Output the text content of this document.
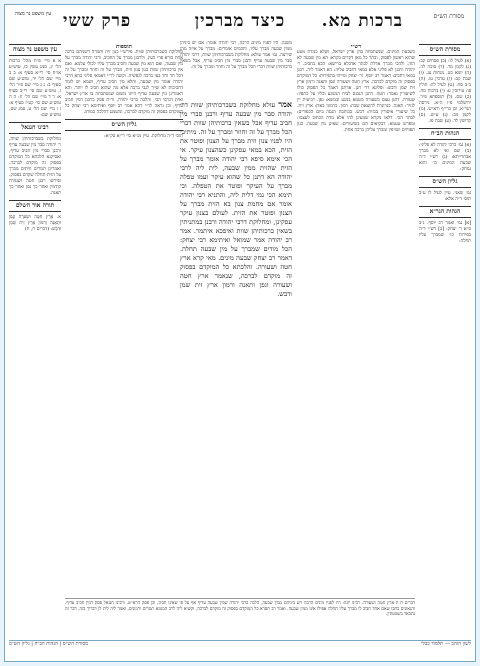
מסורת הש״ס
ברכות מא.
כיצד מברכין
פרק ששי
עין משפט נר מצוה
מסורת הש״ס
(א) לעיל לו: (ב) פסחים קב: (ג) לקמן מד. (ד) סוכה לה. (ה) יומא כט. מנחות צג. (ו) שבת קב: (ז) ערכין טו. (ח) ב״ב סח. (ט) לעיל לה: חולין פו: עירובין ע: (י) ברכות מח. (כ) שם. (ל) תוספתא פ״ד. ירושלמי פ״ו ה״א. גירסת הגר״א, וכן ברי״ף ורא״ש. (מ) לקמן מב: (נ) ע״ש. (ס) קדושין לד. (ע) שבת פו.
הגהות הב״ח
(א) גמ׳ כרבי יהודה לא פליגי: (ב) שם ואי לא מברך אבתרייתא: (ג) רש״י ד״ה שבעת המינים כו׳ והוא נמחק:
גליון הש״ס
גמ׳ שאני. עיין לעיל לו ע״ב תוס׳ ד״ה אלא:
הגהות הגר״א
[א] גמ׳ ואמר רב יוסף. נ״ב ס״א ר׳ יצחק: [ב] רש״י ד״ה בפירות כו׳ שמברך עליו תחלה:
רש״י
בשבעת המינים. שנשתבחה בהן ארץ ישראל, ושלא כמדת מטע שהוא ראשון לפסוק, ובתר כל מאן דקדים בקרא: הא מין שבעה לא הוה. ולהכי מברך אדלת לבתר אדבלא ברישא: הכא בחביב. ר׳ יהודה ורבנן לא פליגי אלא במאי דחביב עליה: הא דאמר ליה. רבנן במאי דחביב: דאמר רב יוסף. ור׳ יצחק ומייתי בהפירות: כל המוקדם בפסוק זה מוקדם לברכה. ארץ חטה ושעורה וגפן ותאנה ורמון ארץ זית שמן ודבש: ופליגא דר׳ חנן. אדתנן דאמר כל הפסוק כולו לשיעורין נאמר: חטה. דתנן הנכנס לבית המנוגע וכליו על כתפיו: שעורה. דתנן עצם כשעורה מטמא במגע ובמשא: גפן. רביעית יין לנזיר: תאנה. כגרוגרת להוצאת שבת: רמון. כרמוני באדן: ארץ זית. כל שיעורי איסורין בכזית: דבש. ככותבת הגסה ביום הכפורים: לבתר הכי. דלאו מקרא שמעינן להו אלא מדת הכתוב לעצמו: ומפרש טעמא. דבקיאים הם בשיעורים: שאינן מין שבעה. כגון תפוחים ושזיפין ומברך עליהן ברכה אחת.
משנה. היו לפניו מינים הרבה, רבי יהודה אומר: אם יש ביניהן ממין שבעה מברך עליו, וחכמים אומרים: מברך על איזה מהן שירצה. גמ׳ אמר עולא: מחלוקת בשברכותיהן שוות, דרבי יהודה סבר מין שבעה עדיף ורבנן סברי מין חביב עדיף, אבל בשאין ברכותיהן שוות דברי הכל מברך על זה וחוזר ומברך על זה.
אמר עולא מחלוקת בשברכותיהן שוות דר׳ יהודה סבר מין שבעה עדיף ורבנן סברי מין חביב עדיף אבל בשאין ברכותיהן שוות דברי הכל מברך על זה וחוזר ומברך על זה. מיתיבי היו לפניו צנון וזית מברך על הצנון ופוטר את הזית, הכא במאי עסקינן כשהצנון עיקר. אי הכי אימא סיפא רבי יהודה אומר מברך על הזית שהזית ממין שבעה, לית ליה לרבי יהודה הא דתנן כל שהוא עיקר ועמו טפלה מברך על העיקר ופוטר את הטפלה. וכי תימא הכי נמי דלית ליה, והתניא רבי יהודה אומר אם מחמת צנון בא הזית מברך על הצנון ופוטר את הזית. לעולם בצנון עיקר עסקינן, ומחלוקת דרבי יהודה ורבנן במתניתין בשאין ברכותיהן שוות ואיפכא איתמר. אמר רב יהודה אמר שמואל ואיתימא רבי יצחק: הכל מודים שמברך על מין שבעה תחלה. דאמר רב יצחק שבעה מינים. מאי קרא ארץ חטה ושעורה. והלכתא כל המוקדם בפסוק זה מוקדם לברכה, שנאמר ארץ חטה ושעורה וגפן ותאנה ורמון ארץ זית שמן ודבש.
תוספות
מחלוקת בשברכותיהן שוות. פירש״י כגון זית ותמרה דשניהם ברכה אחת בורא פרי העץ, ולרבנן מברך על החביב, ורבי יהודה מברך על מין שבעה, ואם הוא מין שבעה וחביב מברך עליו לכולי עלמא. ואם אין ברכותיהן שוות כגון צנון וזית, מברך על זה וחוזר ומברך על זה דכל חד וחד בעי ברכה לנפשיה. וקשה לר״י דאמאי פליגי בהא דרבי יהודה אומר מין שבעה, והלא מין חביב עדיף, ושמא יש לומר דחביבות לא שייך לגבי ברכה אלא מה שהוא חביב לו יותר. והא דאמרינן מין שבעה עדיף היינו משום שנשתבחה בו ארץ ישראל. ואית דגרסי הכי, והלכה כרבי יהודה, ור״ת פסק כרבנן דמין חביב עדיף, וכן נראה לר״י דהא אמר רב יוסף ואיתימא רבי יצחק כל המוקדם בפסוק זה מוקדם לברכה, ומשמע דהלכה כמותו.
גליון הש״ס
תוס׳ ד״ה מחלוקת. עיין מג״א סי׳ רי״א סק״א:
עין משפט נר מצוה
א א מיי׳ פ״ח מהל׳ ברכות הל׳ יג, סמג עשין כז, טוש״ע או״ח סי׳ רי״א סעיף א: ב ב מיי׳ שם הל׳ יד, טוש״ע שם סעיף ב: ג ג מיי׳ שם פ״ד הל׳ ז, טוש״ע שם סי׳ רי״ב סעיף א: ד ד מיי׳ שם הל׳ ח: ה ה טוש״ע שם סי׳ קע״ז סעיף א: ו ו מיי׳ שם הל׳ ט, סמג שם, טוש״ע שם:
רבינו חננאל
מחלוקת בשברכותיהן שוות, ר׳ יהודה סבר מין שבעה עדיף ורבנן סברי מין חביב עדיף, ואסיקנא הלכתא כל המוקדם בפסוק זה מוקדם לברכה. ואמרינן תמרים וזיתים מברך על הזית תחלה שקדם בפסוק. ופירשו רבנן חטה ושעורה קודמין ואחר כך גפן ואחר כך תאנה.
תורה אור השלם
א. אֶרֶץ חִטָּה וּשְׂעֹרָה וְגֶפֶן וּתְאֵנָה וְרִמּוֹן אֶרֶץ זֵית שֶׁמֶן וּדְבָשׁ: (דברים ח, ח)
דברים ח ח ארץ חטה ושעורה. רבינו יונה: היו לפניו מינים הרבה ויש ביניהם ממין שבעה, הלכה כרבי יהודה שמין שבעה עדיף אף על פי שאינו חביב, וכן פסק הרא״ש. ורבינו חננאל פסק דמין חביב עדיף. והגאונים כתבו שאם אחד חביב לו מברך עליו תחלה אפילו אינו ממין שבעה. ואמר רב חסדא כל המוקדם בפסוק זה מוקדם לברכה, וקשיא ליה לרב המנונא תמרים ורמונים, ואמר ליה לית לן דבריך בזה, דבר זה נתבאר בשמעתין.
לשון הזהב — תלמוד בבלי
מסורת הש״ס | הגהות הב״ח | גליון הש״ס
